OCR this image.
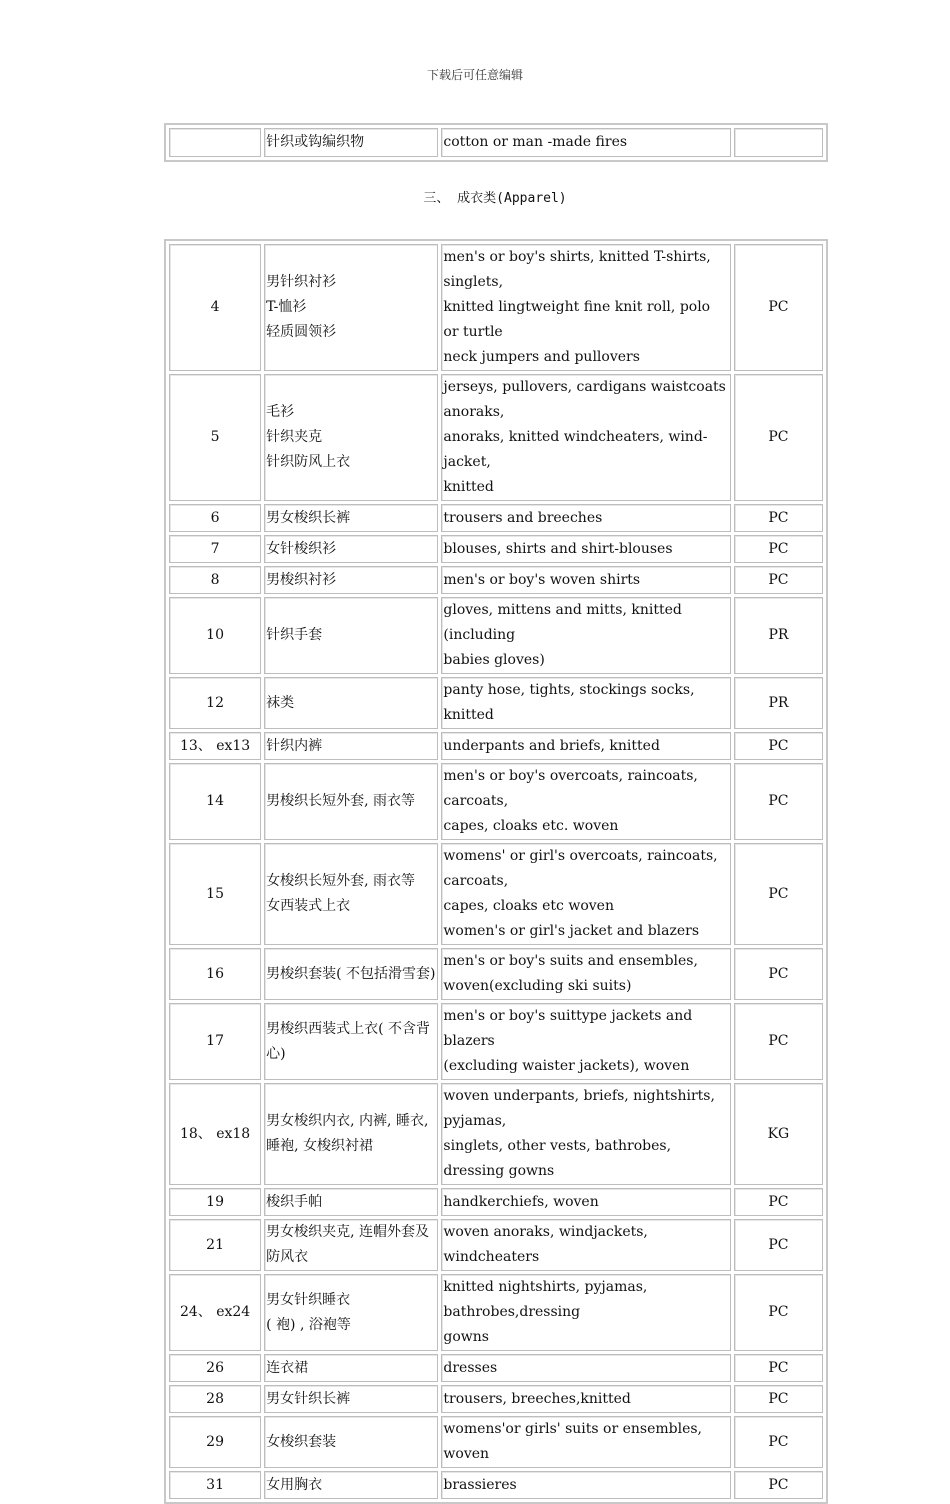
下载后可任意编辑
	针织或钩编织物	cotton or man -made fires	
三、 成衣类(Apparel)
4	男针织衬衫
T-恤衫
轻质圆领衫	men's or boy's shirts, knitted T-shirts, singlets,
knitted lingtweight fine knit roll, polo or turtle
neck jumpers and pullovers	PC
5	毛衫
针织夹克
针织防风上衣	jerseys, pullovers, cardigans waistcoats anoraks,
anoraks, knitted windcheaters, wind-jacket,
knitted	PC
6	男女梭织长裤	trousers and breeches	PC
7	女针梭织衫	blouses, shirts and shirt-blouses	PC
8	男梭织衬衫	men's or boy's woven shirts	PC
10	针织手套	gloves, mittens and mitts, knitted (including
babies gloves)	PR
12	袜类	panty hose, tights, stockings socks, knitted	PR
13、 ex13	针织内裤	underpants and briefs, knitted	PC
14	男梭织长短外套, 雨衣等	men's or boy's overcoats, raincoats, carcoats,
capes, cloaks etc. woven	PC
15	女梭织长短外套, 雨衣等
女西装式上衣	womens' or girl's overcoats, raincoats, carcoats,
capes, cloaks etc woven
women's or girl's jacket and blazers	PC
16	男梭织套装( 不包括滑雪套)	men's or boy's suits and ensembles,
woven(excluding ski suits)	PC
17	男梭织西装式上衣( 不含背
心)	men's or boy's suittype jackets and blazers
(excluding waister jackets), woven	PC
18、 ex18	男女梭织内衣, 内裤, 睡衣,
睡袍, 女梭织衬裙	woven underpants, briefs, nightshirts, pyjamas,
singlets, other vests, bathrobes, dressing gowns	KG
19	梭织手帕	handkerchiefs, woven	PC
21	男女梭织夹克, 连帽外套及
防风衣	woven anoraks, windjackets, windcheaters	PC
24、 ex24	男女针织睡衣
( 袍) , 浴袍等	knitted nightshirts, pyjamas, bathrobes,dressing
gowns	PC
26	连衣裙	dresses	PC
28	男女针织长裤	trousers, breeches,knitted	PC
29	女梭织套装	womens'or girls' suits or ensembles, woven	PC
31	女用胸衣	brassieres	PC
